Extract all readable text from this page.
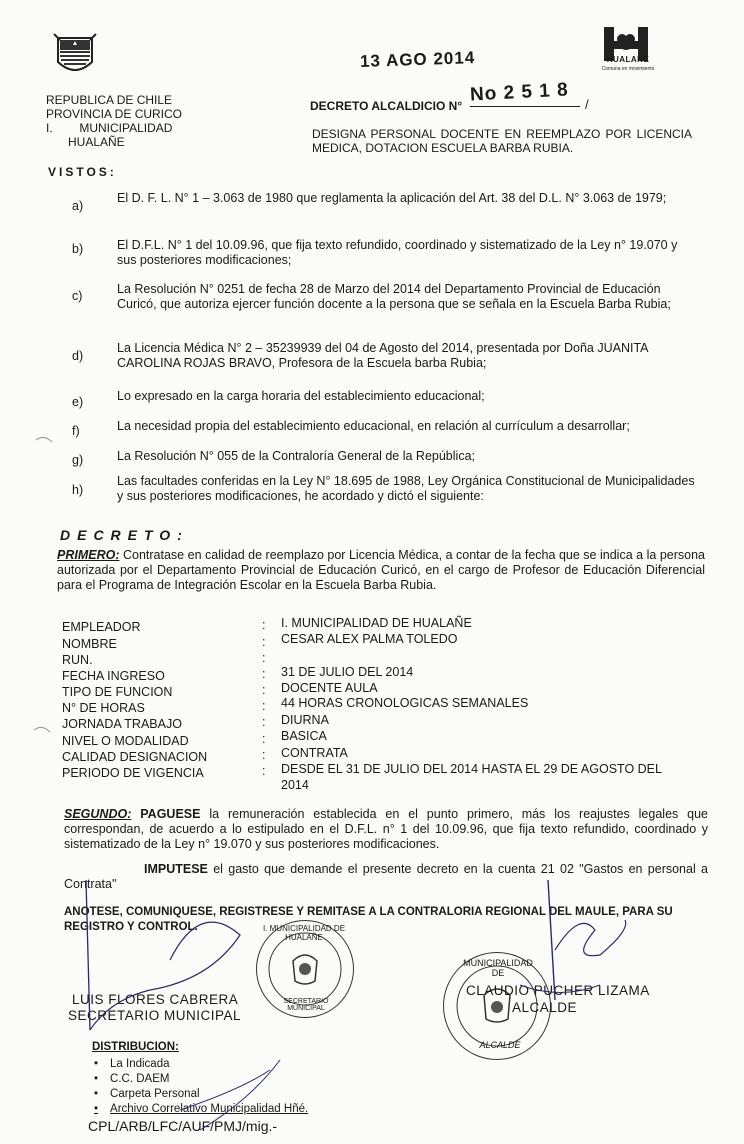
HUALAÑE
Comuna en movimiento
13 AGO 2014
REPUBLICA DE CHILE
PROVINCIA DE CURICO
I.        MUNICIPALIDAD
HUALAÑE
DECRETO ALCALDICIO N°
No 2 5 1 8 /
DESIGNA PERSONAL DOCENTE EN REEMPLAZO POR LICENCIA MEDICA, DOTACION ESCUELA BARBA RUBIA.
VISTOS:
a)
El D. F. L. N° 1 – 3.063 de 1980 que reglamenta la aplicación del Art. 38 del D.L. N° 3.063 de 1979;
b)	El D.F.L. N° 1 del 10.09.96, que fija texto refundido, coordinado y sistematizado de la Ley n° 19.070 y sus posteriores modificaciones;
c)	La Resolución N° 0251 de fecha 28 de Marzo del 2014 del Departamento Provincial de Educación Curicó, que autoriza ejercer función docente a la persona que se señala en la Escuela Barba Rubia;
d)
La Licencia Médica N° 2 – 35239939 del 04 de Agosto del 2014, presentada por Doña JUANITA CAROLINA ROJAS BRAVO, Profesora de la Escuela barba Rubia;
e)	Lo expresado en la carga horaria del establecimiento educacional;
f)	La necesidad propia del establecimiento educacional, en relación al currículum a desarrollar;
g)	La Resolución N° 055 de la Contraloría General de la República;
h)
Las facultades conferidas en la Ley N° 18.695 de 1988, Ley Orgánica Constitucional de Municipalidades y sus posteriores modificaciones, he acordado y dictó el siguiente:
DECRETO:
PRIMERO: Contratase en calidad de reemplazo por Licencia Médica, a contar de la fecha que se indica a la persona autorizada por el Departamento Provincial de Educación Curicó, en el cargo de Profesor de Educación Diferencial para el Programa de Integración Escolar en la Escuela Barba Rubia.
EMPLEADOR	: I. MUNICIPALIDAD DE HUALAÑE
NOMBRE	: CESAR ALEX PALMA TOLEDO
RUN.	:
FECHA INGRESO	: 31 DE JULIO DEL 2014
TIPO DE FUNCION	: DOCENTE AULA
N° DE HORAS	: 44 HORAS CRONOLOGICAS SEMANALES
JORNADA TRABAJO	: DIURNA
NIVEL O MODALIDAD	: BASICA
CALIDAD DESIGNACION	: CONTRATA
PERIODO DE VIGENCIA	: DESDE EL 31 DE JULIO DEL 2014 HASTA EL 29 DE AGOSTO DEL 2014
SEGUNDO: PAGUESE la remuneración establecida en el punto primero, más los reajustes legales que correspondan, de acuerdo a lo estipulado en el D.F.L. n° 1 del 10.09.96, que fija texto refundido, coordinado y sistematizado de la Ley n° 19.070 y sus posteriores modificaciones.
IMPUTESE el gasto que demande el presente decreto en la cuenta 21 02 "Gastos en personal a Contrata"
ANOTESE, COMUNIQUESE, REGISTRESE Y REMITASE A LA CONTRALORIA REGIONAL DEL MAULE, PARA SU REGISTRO Y CONTROL.	I. MUNICIPALIDAD DE HUALAÑE
SECRETARIO MUNICIPAL
LUIS FLORES CABRERA
SECRETARIO MUNICIPAL
MUNICIPALIDAD DE
ALCALDE
CLAUDIO PUCHER LIZAMA
ALCALDE
DISTRIBUCION:
• La Indicada
• C.C. DAEM
• Carpeta Personal
• Archivo Correlativo Municipalidad Hñé.
CPL/ARB/LFC/AUF/PMJ/mig.-
